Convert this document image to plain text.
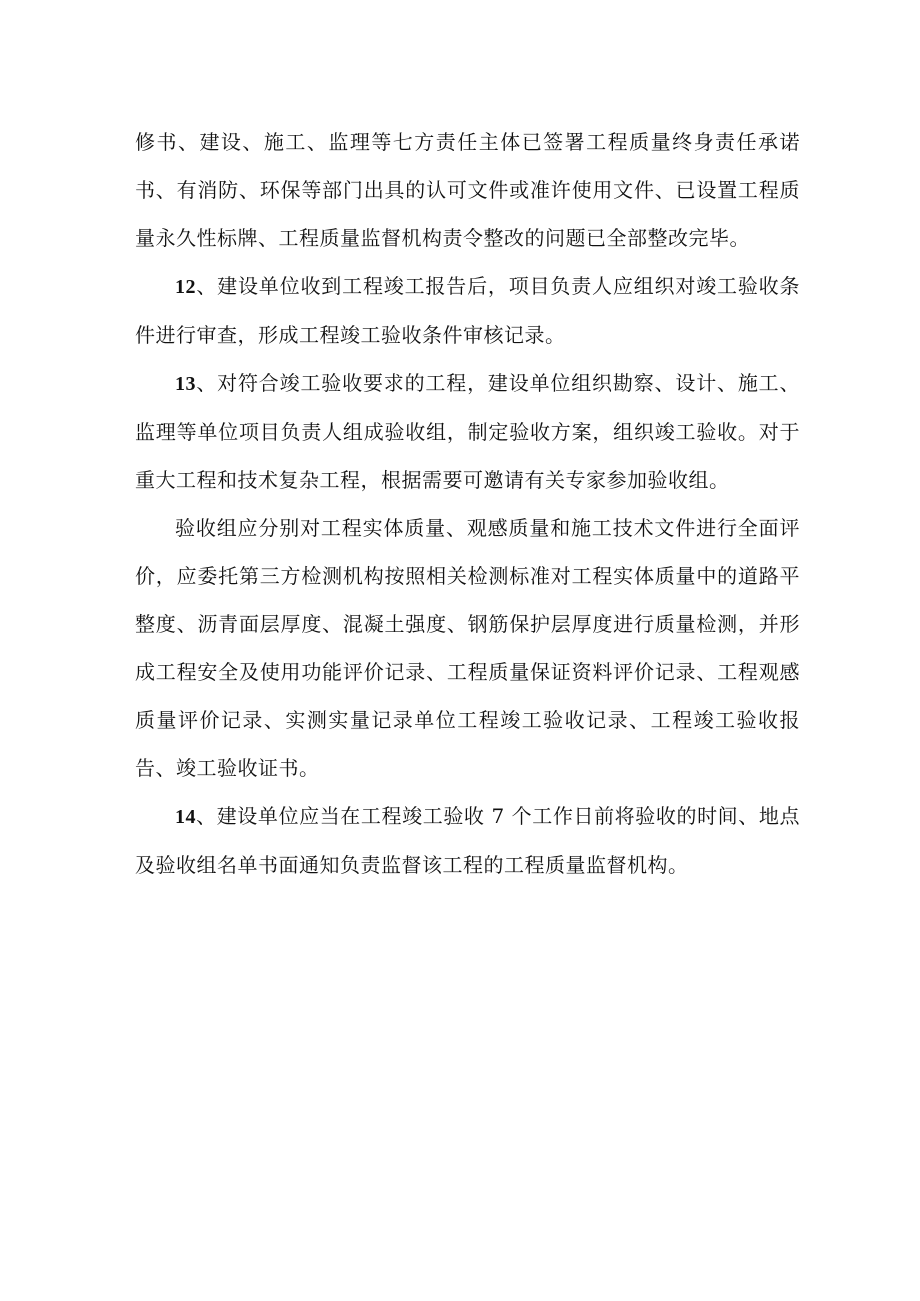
修书、建设、施工、监理等七方责任主体已签署工程质量终身责任承诺书、有消防、环保等部门出具的认可文件或准许使用文件、已设置工程质量永久性标牌、工程质量监督机构责令整改的问题已全部整改完毕。

12、建设单位收到工程竣工报告后，项目负责人应组织对竣工验收条件进行审查，形成工程竣工验收条件审核记录。

13、对符合竣工验收要求的工程，建设单位组织勘察、设计、施工、监理等单位项目负责人组成验收组，制定验收方案，组织竣工验收。对于重大工程和技术复杂工程，根据需要可邀请有关专家参加验收组。

验收组应分别对工程实体质量、观感质量和施工技术文件进行全面评价，应委托第三方检测机构按照相关检测标准对工程实体质量中的道路平整度、沥青面层厚度、混凝土强度、钢筋保护层厚度进行质量检测，并形成工程安全及使用功能评价记录、工程质量保证资料评价记录、工程观感质量评价记录、实测实量记录单位工程竣工验收记录、工程竣工验收报告、竣工验收证书。

14、建设单位应当在工程竣工验收 7 个工作日前将验收的时间、地点及验收组名单书面通知负责监督该工程的工程质量监督机构。
